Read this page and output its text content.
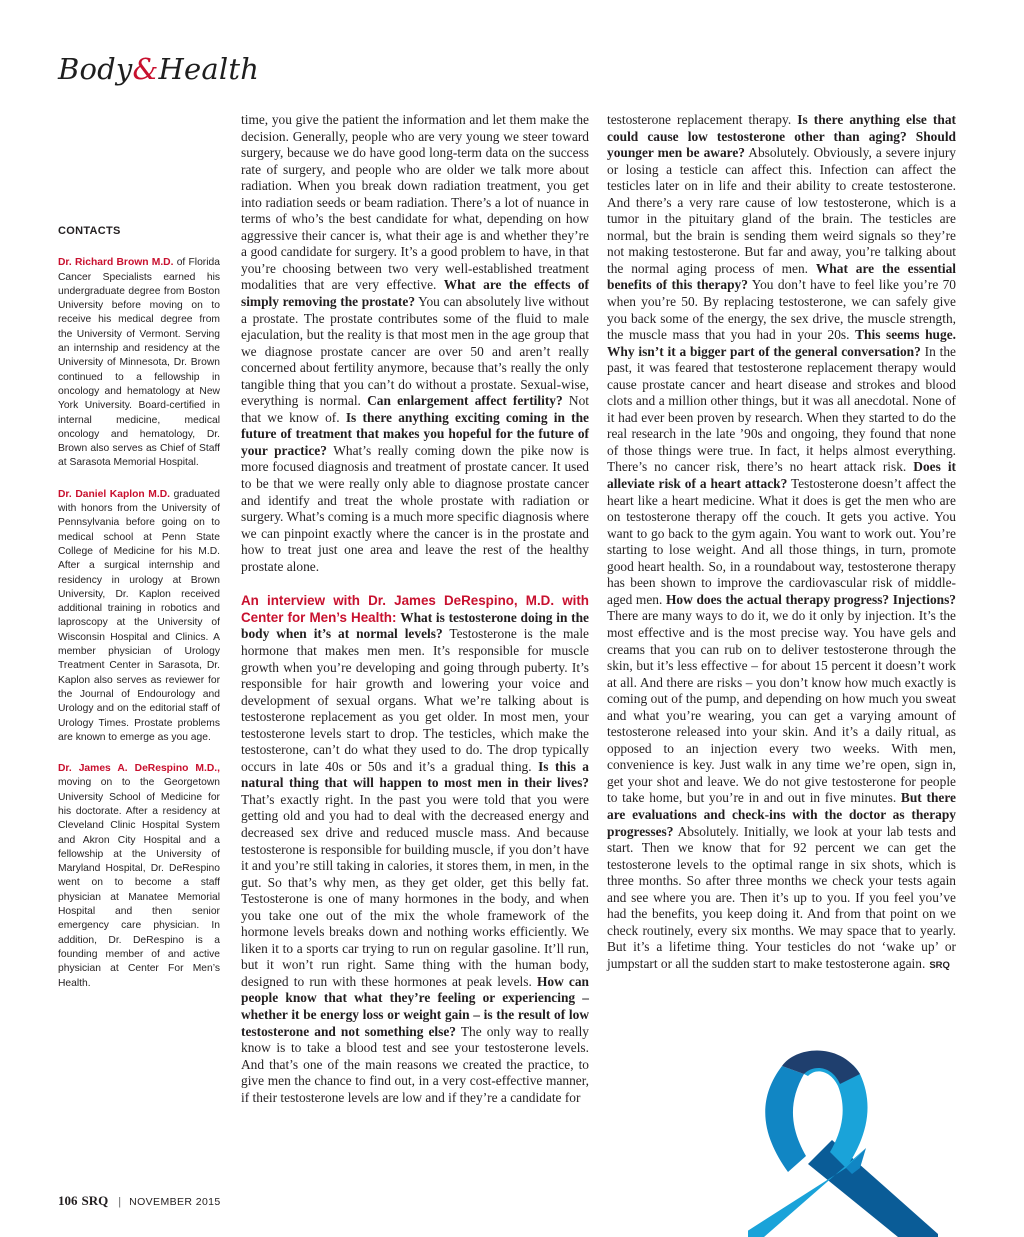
Body&Health
CONTACTS

Dr. Richard Brown M.D. of Florida Cancer Specialists earned his undergraduate degree from Boston University before moving on to receive his medical degree from the University of Vermont. Serving an internship and residency at the University of Minnesota, Dr. Brown continued to a fellowship in oncology and hematology at New York University. Board-certified in internal medicine, medical oncology and hematology, Dr. Brown also serves as Chief of Staff at Sarasota Memorial Hospital.

Dr. Daniel Kaplon M.D. graduated with honors from the University of Pennsylvania before going on to medical school at Penn State College of Medicine for his M.D. After a surgical internship and residency in urology at Brown University, Dr. Kaplon received additional training in robotics and laproscopy at the University of Wisconsin Hospital and Clinics. A member physician of Urology Treatment Center in Sarasota, Dr. Kaplon also serves as reviewer for the Journal of Endourology and Urology and on the editorial staff of Urology Times. Prostate problems are known to emerge as you age.

Dr. James A. DeRespino M.D., moving on to the Georgetown University School of Medicine for his doctorate. After a residency at Cleveland Clinic Hospital System and Akron City Hospital and a fellowship at the University of Maryland Hospital, Dr. DeRespino went on to become a staff physician at Manatee Memorial Hospital and then senior emergency care physician. In addition, Dr. DeRespino is a founding member of and active physician at Center For Men’s Health.

time, you give the patient the information and let them make the decision. Generally, people who are very young we steer toward surgery, because we do have good long-term data on the success rate of surgery, and people who are older we talk more about radiation. When you break down radiation treatment, you get into radiation seeds or beam radiation. There’s a lot of nuance in terms of who’s the best candidate for what, depending on how aggressive their cancer is, what their age is and whether they’re a good candidate for surgery. It’s a good problem to have, in that you’re choosing between two very well-established treatment modalities that are very effective. What are the effects of simply removing the prostate? You can absolutely live without a prostate. The prostate contributes some of the fluid to male ejaculation, but the reality is that most men in the age group that we diagnose prostate cancer are over 50 and aren’t really concerned about fertility anymore, because that’s really the only tangible thing that you can’t do without a prostate. Sexual-wise, everything is normal. Can enlargement affect fertility? Not that we know of. Is there anything exciting coming in the future of treatment that makes you hopeful for the future of your practice? What’s really coming down the pike now is more focused diagnosis and treatment of prostate cancer. It used to be that we were really only able to diagnose prostate cancer and identify and treat the whole prostate with radiation or surgery. What’s coming is a much more specific diagnosis where we can pinpoint exactly where the cancer is in the prostate and how to treat just one area and leave the rest of the healthy prostate alone.

An interview with Dr. James DeRespino, M.D. with Center for Men’s Health: What is testosterone doing in the body when it’s at normal levels? Testosterone is the male hormone that makes men men. It’s responsible for muscle growth when you’re developing and going through puberty. It’s responsible for hair growth and lowering your voice and development of sexual organs. What we’re talking about is testosterone replacement as you get older. In most men, your testosterone levels start to drop. The testicles, which make the testosterone, can’t do what they used to do. The drop typically occurs in late 40s or 50s and it’s a gradual thing. Is this a natural thing that will happen to most men in their lives? That’s exactly right. In the past you were told that you were getting old and you had to deal with the decreased energy and decreased sex drive and reduced muscle mass. And because testosterone is responsible for building muscle, if you don’t have it and you’re still taking in calories, it stores them, in men, in the gut. So that’s why men, as they get older, get this belly fat. Testosterone is one of many hormones in the body, and when you take one out of the mix the whole framework of the hormone levels breaks down and nothing works efficiently. We liken it to a sports car trying to run on regular gasoline. It’ll run, but it won’t run right. Same thing with the human body, designed to run with these hormones at peak levels. How can people know that what they’re feeling or experiencing – whether it be energy loss or weight gain – is the result of low testosterone and not something else? The only way to really know is to take a blood test and see your testosterone levels. And that’s one of the main reasons we created the practice, to give men the chance to find out, in a very cost-effective manner, if their testosterone levels are low and if they’re a candidate for

testosterone replacement therapy. Is there anything else that could cause low testosterone other than aging? Should younger men be aware? Absolutely. Obviously, a severe injury or losing a testicle can affect this. Infection can affect the testicles later on in life and their ability to create testosterone. And there’s a very rare cause of low testosterone, which is a tumor in the pituitary gland of the brain. The testicles are normal, but the brain is sending them weird signals so they’re not making testosterone. But far and away, you’re talking about the normal aging process of men. What are the essential benefits of this therapy? You don’t have to feel like you’re 70 when you’re 50. By replacing testosterone, we can safely give you back some of the energy, the sex drive, the muscle strength, the muscle mass that you had in your 20s. This seems huge. Why isn’t it a bigger part of the general conversation? In the past, it was feared that testosterone replacement therapy would cause prostate cancer and heart disease and strokes and blood clots and a million other things, but it was all anecdotal. None of it had ever been proven by research. When they started to do the real research in the late ’90s and ongoing, they found that none of those things were true. In fact, it helps almost everything. There’s no cancer risk, there’s no heart attack risk. Does it alleviate risk of a heart attack? Testosterone doesn’t affect the heart like a heart medicine. What it does is get the men who are on testosterone therapy off the couch. It gets you active. You want to go back to the gym again. You want to work out. You’re starting to lose weight. And all those things, in turn, promote good heart health. So, in a roundabout way, testosterone therapy has been shown to improve the cardiovascular risk of middle-aged men. How does the actual therapy progress? Injections? There are many ways to do it, we do it only by injection. It’s the most effective and is the most precise way. You have gels and creams that you can rub on to deliver testosterone through the skin, but it’s less effective – for about 15 percent it doesn’t work at all. And there are risks – you don’t know how much exactly is coming out of the pump, and depending on how much you sweat and what you’re wearing, you can get a varying amount of testosterone released into your skin. And it’s a daily ritual, as opposed to an injection every two weeks. With men, convenience is key. Just walk in any time we’re open, sign in, get your shot and leave. We do not give testosterone for people to take home, but you’re in and out in five minutes. But there are evaluations and check-ins with the doctor as therapy progresses? Absolutely. Initially, we look at your lab tests and start. Then we know that for 92 percent we can get the testosterone levels to the optimal range in six shots, which is three months. So after three months we check your tests again and see where you are. Then it’s up to you. If you feel you’ve had the benefits, you keep doing it. And from that point on we check routinely, every six months. We may space that to yearly. But it’s a lifetime thing. Your testicles do not ‘wake up’ or jumpstart or all the sudden start to make testosterone again. SRQ

106 SRQ | NOVEMBER 2015
